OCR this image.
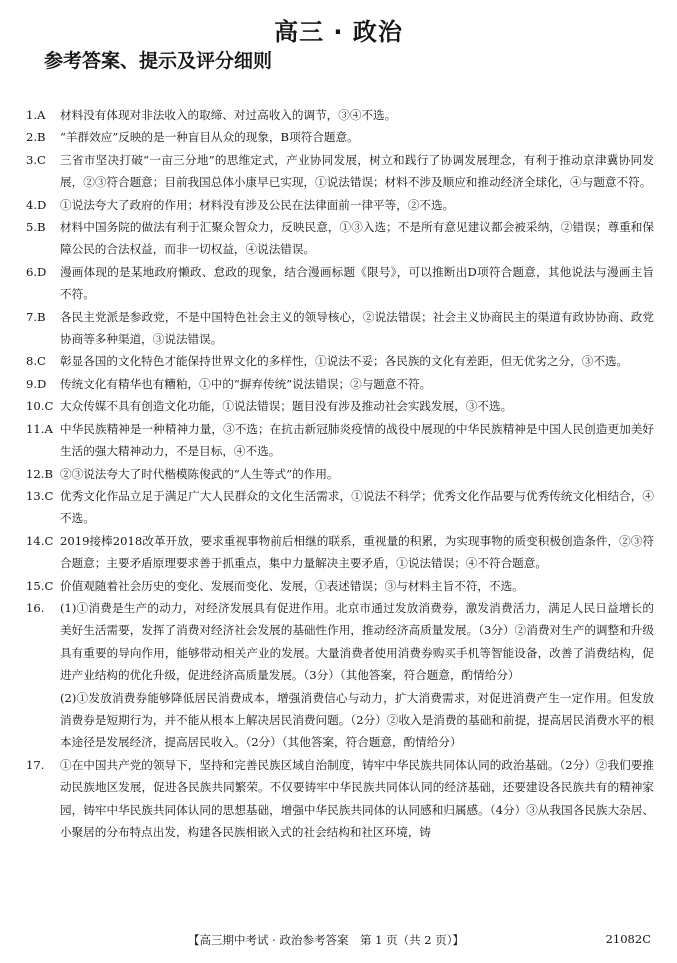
高三 · 政治
参考答案、提示及评分细则
1.A	材料没有体现对非法收入的取缔、对过高收入的调节，③④不选。
2.B	“羊群效应”反映的是一种盲目从众的现象，B项符合题意。
3.C	三省市坚决打破“一亩三分地”的思维定式，产业协同发展，树立和践行了协调发展理念，有利于推动京津冀协同发展，②③符合题意；目前我国总体小康早已实现，①说法错误；材料不涉及顺应和推动经济全球化，④与题意不符。
4.D	①说法夸大了政府的作用；材料没有涉及公民在法律面前一律平等，②不选。
5.B	材料中国务院的做法有利于汇聚众智众力，反映民意，①③入选；不是所有意见建议都会被采纳，②错误；尊重和保障公民的合法权益，而非一切权益，④说法错误。
6.D	漫画体现的是某地政府懒政、怠政的现象，结合漫画标题《限号》，可以推断出D项符合题意，其他说法与漫画主旨不符。
7.B	各民主党派是参政党，不是中国特色社会主义的领导核心，②说法错误；社会主义协商民主的渠道有政协协商、政党协商等多种渠道，③说法错误。
8.C	彰显各国的文化特色才能保持世界文化的多样性，①说法不妥；各民族的文化有差距，但无优劣之分，③不选。
9.D	传统文化有精华也有糟粕，①中的“摒弃传统”说法错误；②与题意不符。
10.C 大众传媒不具有创造文化功能，①说法错误；题目没有涉及推动社会实践发展，③不选。
11.A 中华民族精神是一种精神力量，③不选；在抗击新冠肺炎疫情的战役中展现的中华民族精神是中国人民创造更加美好生活的强大精神动力，不是目标，④不选。
12.B ②③说法夸大了时代楷模陈俊武的“人生等式”的作用。
13.C 优秀文化作品立足于满足广大人民群众的文化生活需求，①说法不科学；优秀文化作品要与优秀传统文化相结合，④不选。
14.C 2019接棒2018改革开放，要求重视事物前后相继的联系，重视量的积累，为实现事物的质变积极创造条件，②③符合题意；主要矛盾原理要求善于抓重点，集中力量解决主要矛盾，①说法错误；④不符合题意。
15.C 价值观随着社会历史的变化、发展而变化、发展，①表述错误；③与材料主旨不符，不选。
16.	(1)①消费是生产的动力，对经济发展具有促进作用。北京市通过发放消费券，激发消费活力，满足人民日益增长的美好生活需要，发挥了消费对经济社会发展的基础性作用，推动经济高质量发展。（3分）②消费对生产的调整和升级具有重要的导向作用，能够带动相关产业的发展。大量消费者使用消费券购买手机等智能设备，改善了消费结构，促进产业结构的优化升级，促进经济高质量发展。（3分）（其他答案，符合题意，酌情给分）

(2)①发放消费券能够降低居民消费成本，增强消费信心与动力，扩大消费需求，对促进消费产生一定作用。但发放消费券是短期行为，并不能从根本上解决居民消费问题。（2分）②收入是消费的基础和前提，提高居民消费水平的根本途径是发展经济，提高居民收入。（2分）（其他答案，符合题意，酌情给分）

17.	①在中国共产党的领导下，坚持和完善民族区域自治制度，铸牢中华民族共同体认同的政治基础。（2分）②我们要推动民族地区发展，促进各民族共同繁荣。不仅要铸牢中华民族共同体认同的经济基础，还要建设各民族共有的精神家园，铸牢中华民族共同体认同的思想基础，增强中华民族共同体的认同感和归属感。（4分）③从我国各民族大杂居、小聚居的分布特点出发，构建各民族相嵌入式的社会结构和社区环境，铸

【高三期中考试 · 政治参考答案　第 1 页（共 2 页）】	21082C
